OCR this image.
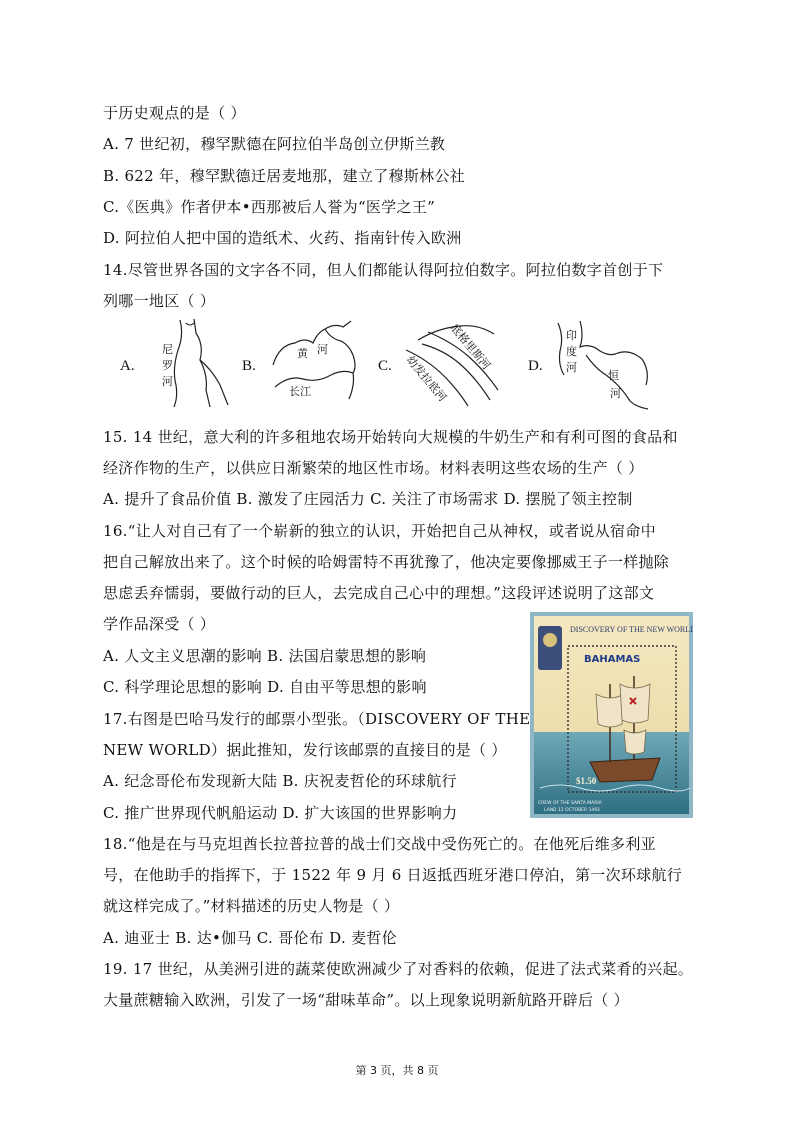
于历史观点的是（ ）
A. 7 世纪初，穆罕默德在阿拉伯半岛创立伊斯兰教
B. 622 年，穆罕默德迁居麦地那，建立了穆斯林公社
C.《医典》作者伊本•西那被后人誉为“医学之王”
D. 阿拉伯人把中国的造纸术、火药、指南针传入欧洲
14.尽管世界各国的文字各不同，但人们都能认得阿拉伯数字。阿拉伯数字首创于下
列哪一地区（ ）
A.
尼
罗
河
B.
黄 河
长江
C.	底格里斯河
幼发拉底河	D.
印
度
河
恒
河
15. 14 世纪，意大利的许多租地农场开始转向大规模的牛奶生产和有利可图的食品和
经济作物的生产，以供应日渐繁荣的地区性市场。材料表明这些农场的生产（ ）
A. 提升了食品价值 B. 激发了庄园活力 C. 关注了市场需求 D. 摆脱了领主控制
16.“让人对自己有了一个崭新的独立的认识，开始把自己从神权，或者说从宿命中
把自己解放出来了。这个时候的哈姆雷特不再犹豫了，他决定要像挪威王子一样抛除
思虑丢弃懦弱，要做行动的巨人，去完成自己心中的理想。”这段评述说明了这部文
学作品深受（ ）
A. 人文主义思潮的影响 B. 法国启蒙思想的影响
C. 科学理论思想的影响 D. 自由平等思想的影响
17.右图是巴哈马发行的邮票小型张。（DISCOVERY OF THE
NEW WORLD）据此推知，发行该邮票的直接目的是（ ）
A. 纪念哥伦布发现新大陆 B. 庆祝麦哲伦的环球航行
C. 推广世界现代帆船运动 D. 扩大该国的世界影响力
18.“他是在与马克坦酋长拉普拉普的战士们交战中受伤死亡的。在他死后维多利亚
号，在他助手的指挥下，于 1522 年 9 月 6 日返抵西班牙港口停泊，第一次环球航行
就这样完成了。”材料描述的历史人物是（ ）
A. 迪亚士 B. 达•伽马 C. 哥伦布 D. 麦哲伦
19. 17 世纪，从美洲引进的蔬菜使欧洲减少了对香料的依赖，促进了法式菜肴的兴起。
大量蔗糖输入欧洲，引发了一场“甜味革命”。以上现象说明新航路开辟后（ ）
DISCOVERY OF THE NEW WORLD
BAHAMAS
$1.50
CREW OF THE SANTA MARIA
LAND 12 OCTOBER 1492
第 3 页，共 8 页
